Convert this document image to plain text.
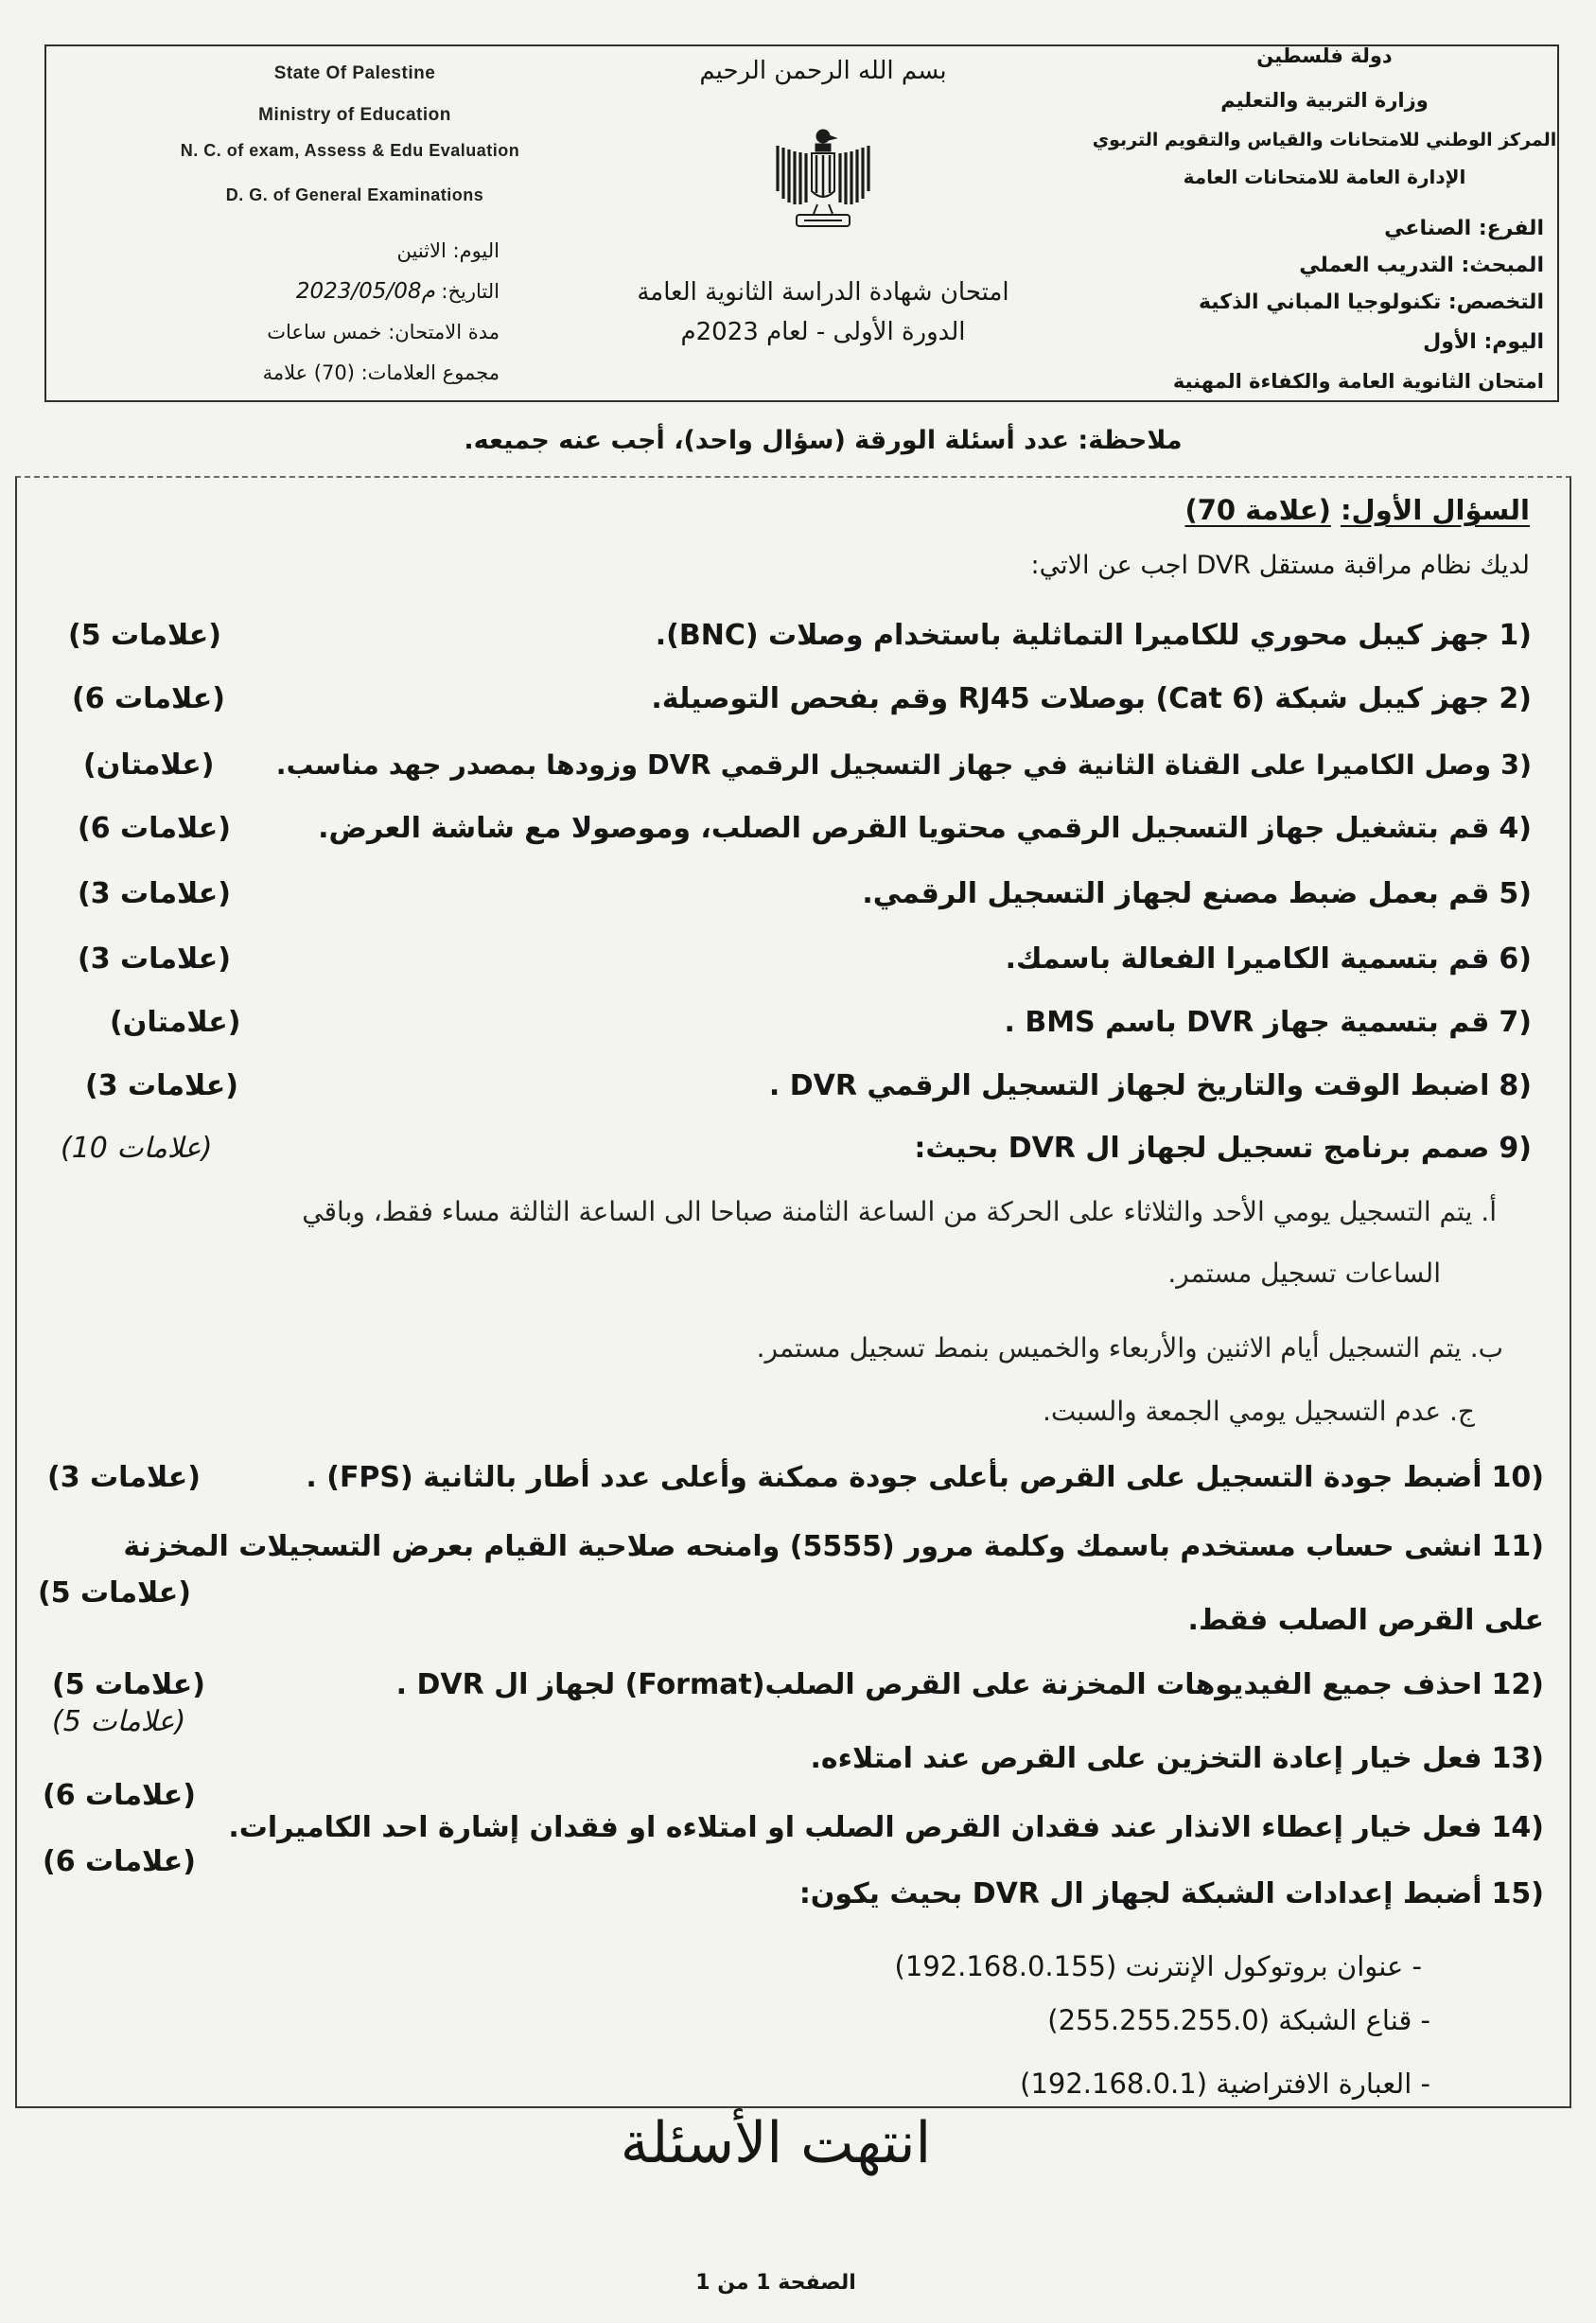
State Of Palestine
Ministry of Education
N. C. of exam, Assess & Edu Evaluation
D. G. of General Examinations
بسم الله الرحمن الرحيم
امتحان شهادة الدراسة الثانوية العامة
الدورة الأولى - لعام 2023م
دولة فلسطين
وزارة التربية والتعليم
المركز الوطني للامتحانات والقياس والتقويم التربوي
الإدارة العامة للامتحانات العامة
الفرع: الصناعي
المبحث: التدريب العملي
التخصص: تكنولوجيا المباني الذكية
اليوم: الأول
امتحان الثانوية العامة والكفاءة المهنية
اليوم: الاثنين
التاريخ: 2023/05/08م
مدة الامتحان: خمس ساعات
مجموع العلامات: (70) علامة
ملاحظة: عدد أسئلة الورقة (سؤال واحد)، أجب عنه جميعه.
السؤال الأول: (70 علامة)
لديك نظام مراقبة مستقل DVR اجب عن الاتي:
1)جهز كيبل محوري للكاميرا التماثلية باستخدام وصلات (BNC).
(5 علامات)
2)جهز كيبل شبكة (Cat 6) بوصلات RJ45 وقم بفحص التوصيلة.
(6 علامات)
3)وصل الكاميرا على القناة الثانية في جهاز التسجيل الرقمي DVR وزودها بمصدر جهد مناسب.
(علامتان)
4)قم بتشغيل جهاز التسجيل الرقمي محتويا القرص الصلب، وموصولا مع شاشة العرض.
(6 علامات)
5)قم بعمل ضبط مصنع لجهاز التسجيل الرقمي.
(3 علامات)
6)قم بتسمية الكاميرا الفعالة باسمك.
(3 علامات)
7)قم بتسمية جهاز DVR باسم BMS .
(علامتان)
8)اضبط الوقت والتاريخ لجهاز التسجيل الرقمي DVR .
(3 علامات)
9)صمم برنامج تسجيل لجهاز ال DVR بحيث:
(10 علامات)
أ. يتم التسجيل يومي الأحد والثلاثاء على الحركة من الساعة الثامنة صباحا الى الساعة الثالثة مساء فقط، وباقي
الساعات تسجيل مستمر.
ب. يتم التسجيل أيام الاثنين والأربعاء والخميس بنمط تسجيل مستمر.
ج. عدم التسجيل يومي الجمعة والسبت.
10)أضبط جودة التسجيل على القرص بأعلى جودة ممكنة وأعلى عدد أطار بالثانية (FPS) .
(3 علامات)
11)انشى حساب مستخدم باسمك وكلمة مرور (5555) وامنحه صلاحية القيام بعرض التسجيلات المخزنة
(5 علامات)
على القرص الصلب فقط.
12)احذف جميع الفيديوهات المخزنة على القرص الصلب(Format) لجهاز ال DVR .
(5 علامات)
13)فعل خيار إعادة التخزين على القرص عند امتلاءه.
(5 علامات)
14)فعل خيار إعطاء الانذار عند فقدان القرص الصلب او امتلاءه او فقدان إشارة احد الكاميرات.
(6 علامات)
15)أضبط إعدادات الشبكة لجهاز ال DVR بحيث يكون:
(6 علامات)
- عنوان بروتوكول الإنترنت (192.168.0.155)
- قناع الشبكة (255.255.255.0)
- العبارة الافتراضية (192.168.0.1)
انتهت الأسئلة
الصفحة 1 من 1
